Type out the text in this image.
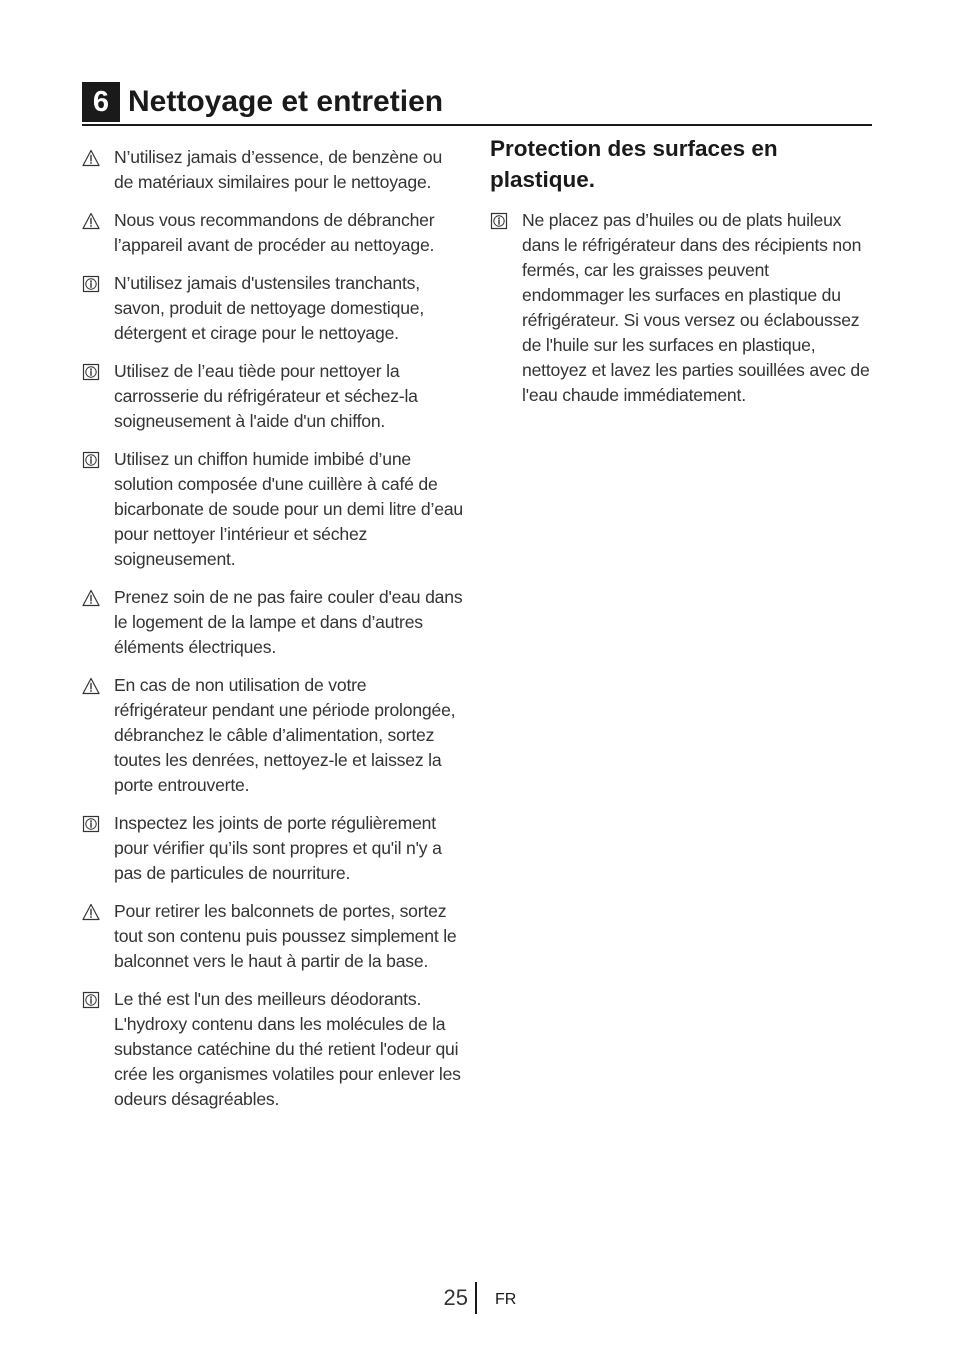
6 Nettoyage et entretien
N’utilisez jamais d’essence, de benzène ou de matériaux similaires pour le nettoyage.
Nous vous recommandons de débrancher l’appareil avant de procéder au nettoyage.
N’utilisez jamais d'ustensiles tranchants, savon, produit de nettoyage domestique, détergent et cirage pour le nettoyage.
Utilisez de l’eau tiède pour nettoyer la carrosserie du réfrigérateur et séchez-la soigneusement à l'aide d'un chiffon.
Utilisez un chiffon humide imbibé d’une solution composée d'une cuillère à café de bicarbonate de soude pour un demi litre d’eau pour nettoyer l’intérieur et séchez soigneusement.
Prenez soin de ne pas faire couler d'eau dans le logement de la lampe et dans d’autres éléments électriques.
En cas de non utilisation de votre réfrigérateur pendant une période prolongée, débranchez le câble d’alimentation, sortez toutes les denrées, nettoyez-le et laissez la porte entrouverte.
Inspectez les joints de porte régulièrement pour vérifier qu’ils sont propres et qu'il n'y a pas de particules de nourriture.
Pour retirer les balconnets de portes, sortez tout son contenu puis poussez simplement le balconnet vers le haut à partir de la base.
Le thé est l'un des meilleurs déodorants. L'hydroxy contenu dans les molécules de la substance catéchine du thé retient l'odeur qui crée les organismes volatiles pour enlever les odeurs désagréables.
Protection des surfaces en plastique.
Ne placez pas d’huiles ou de plats huileux dans le réfrigérateur dans des récipients non fermés, car les graisses peuvent endommager les surfaces en plastique du réfrigérateur. Si vous versez ou éclaboussez de l'huile sur les surfaces en plastique, nettoyez et lavez les parties souillées avec de l'eau chaude immédiatement.
25 FR
